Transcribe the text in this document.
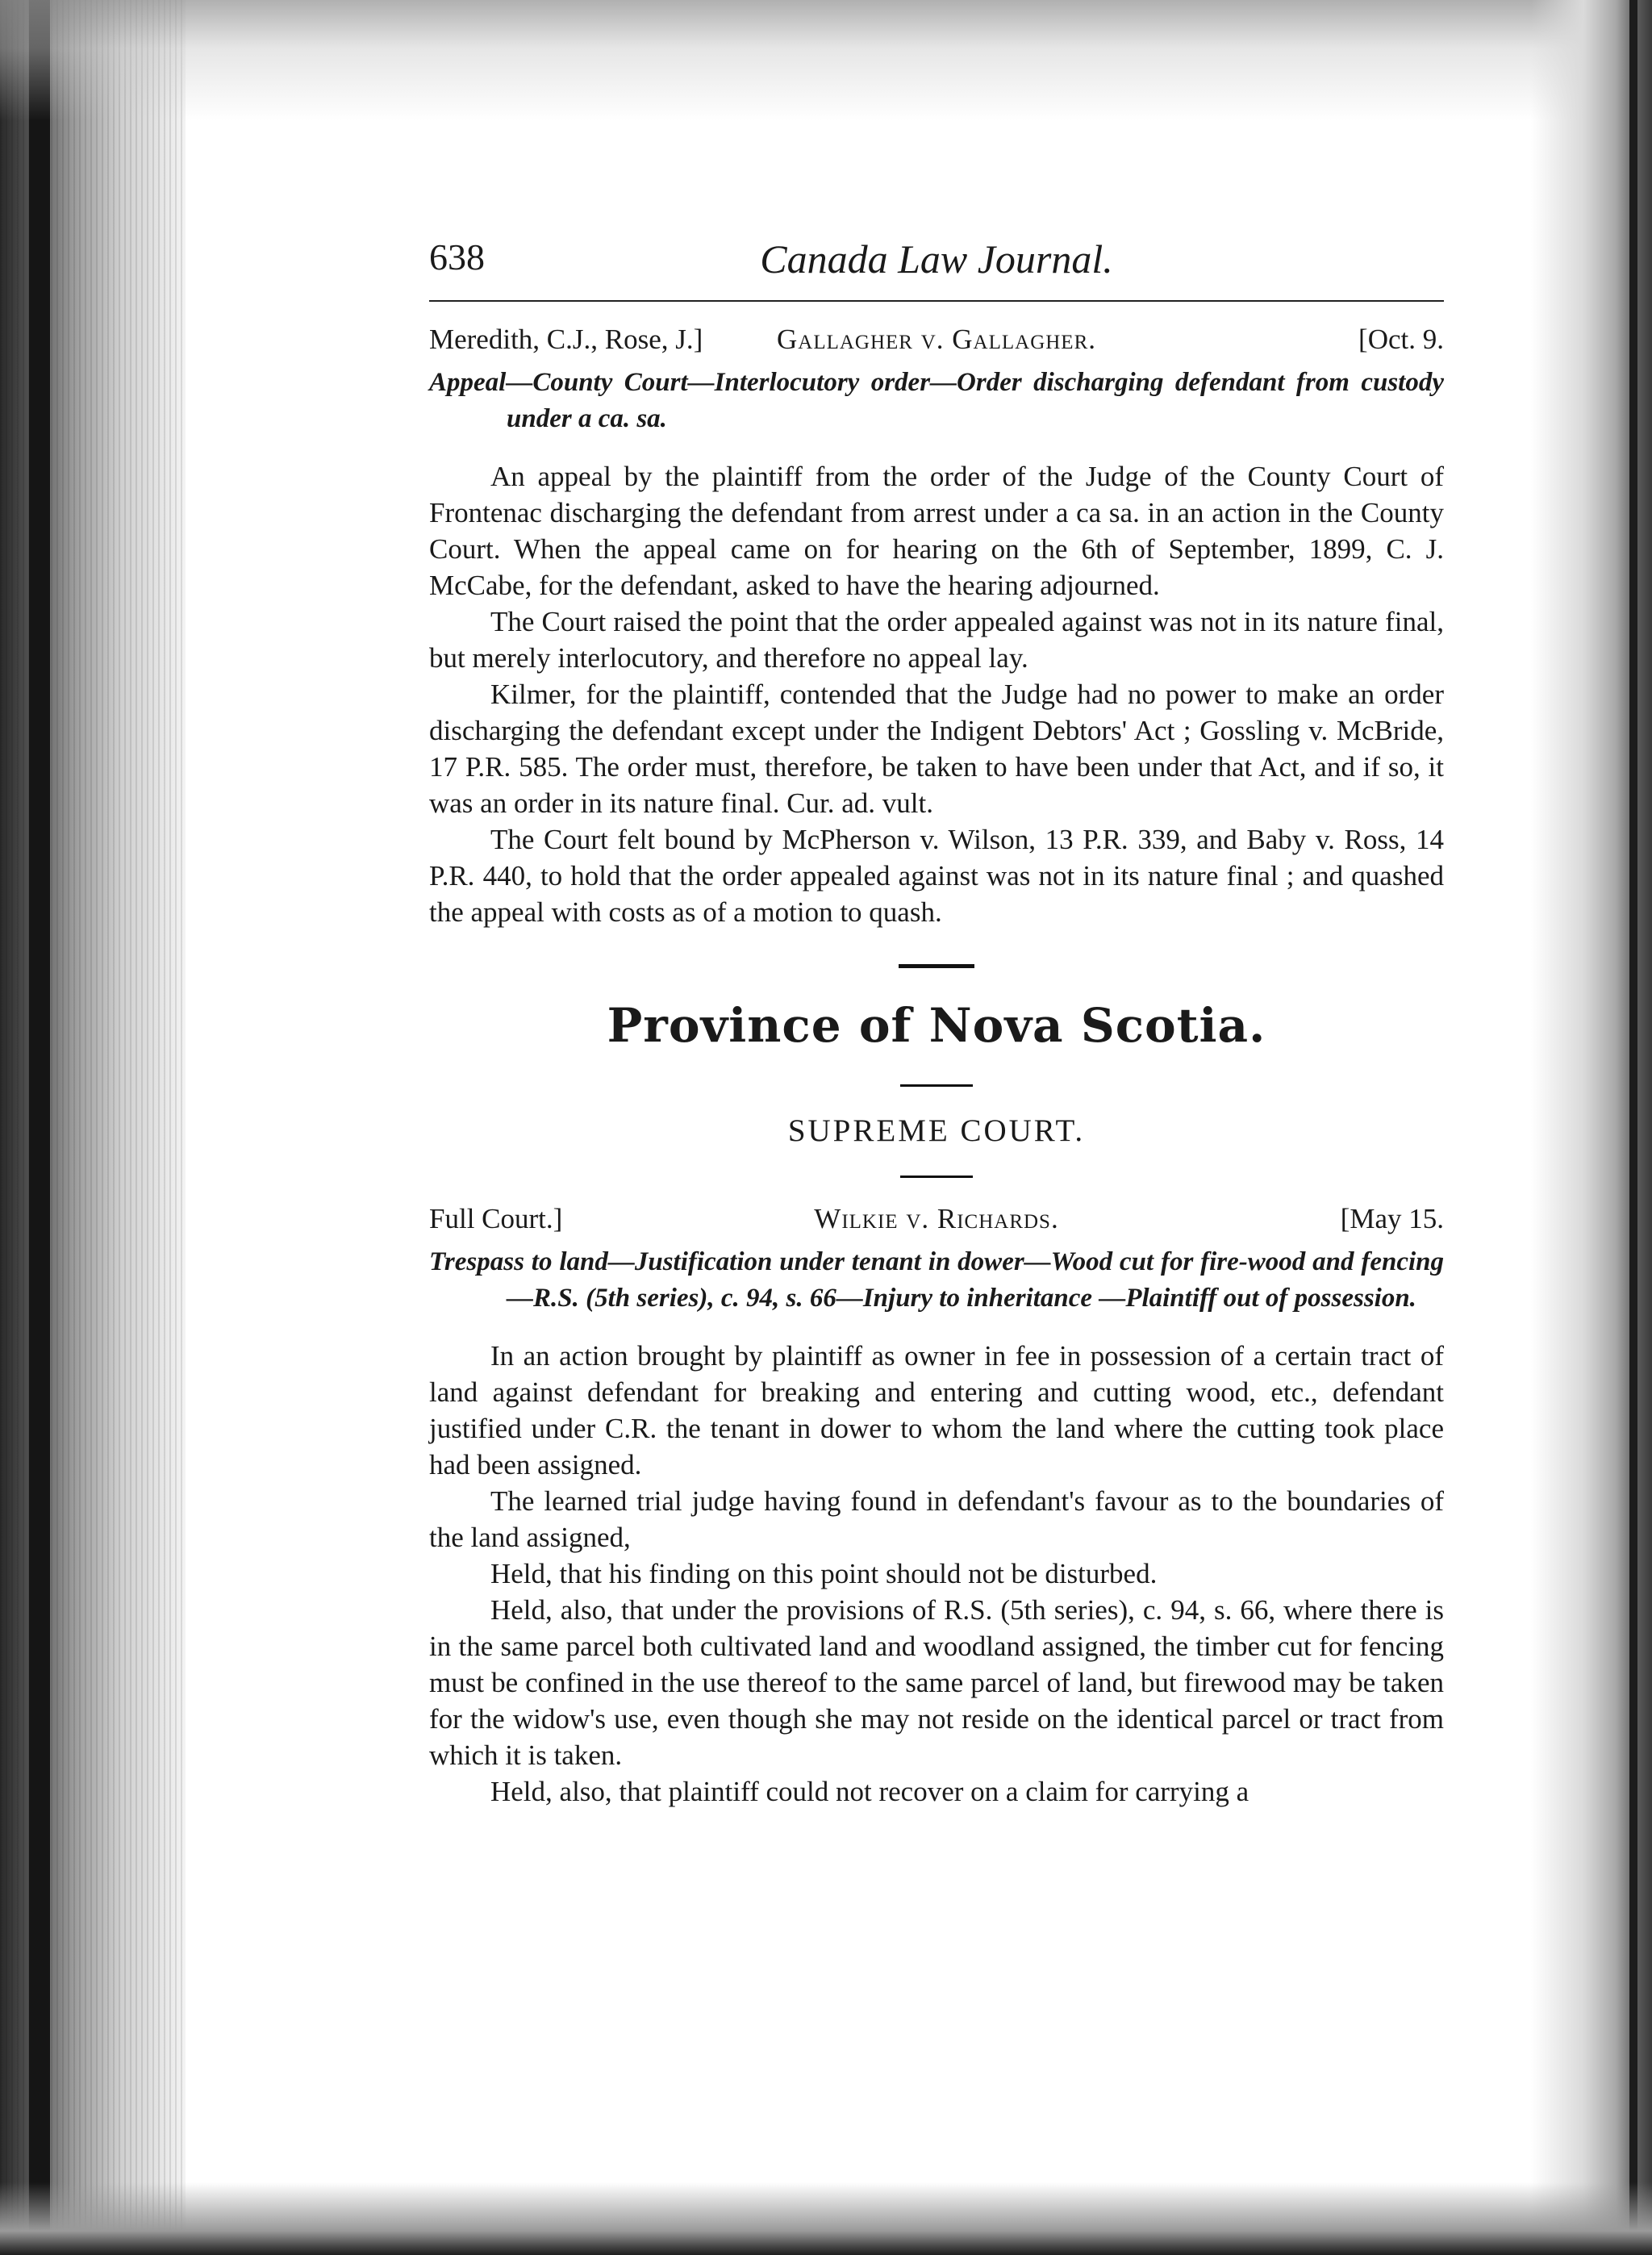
638	Canada Law Journal.
Meredith, C.J., Rose, J.]	Gallagher v. Gallagher.	[Oct. 9.
Appeal—County Court—Interlocutory order—Order discharging defendant from custody under a ca. sa.

An appeal by the plaintiff from the order of the Judge of the County Court of Frontenac discharging the defendant from arrest under a ca sa. in an action in the County Court. When the appeal came on for hearing on the 6th of September, 1899, C. J. McCabe, for the defendant, asked to have the hearing adjourned.

The Court raised the point that the order appealed against was not in its nature final, but merely interlocutory, and therefore no appeal lay.

Kilmer, for the plaintiff, contended that the Judge had no power to make an order discharging the defendant except under the Indigent Debtors' Act ; Gossling v. McBride, 17 P.R. 585. The order must, therefore, be taken to have been under that Act, and if so, it was an order in its nature final. Cur. ad. vult.

The Court felt bound by McPherson v. Wilson, 13 P.R. 339, and Baby v. Ross, 14 P.R. 440, to hold that the order appealed against was not in its nature final ; and quashed the appeal with costs as of a motion to quash.

Province of Nova Scotia.
SUPREME COURT.
Full Court.]	Wilkie v. Richards.	[May 15.
Trespass to land—Justification under tenant in dower—Wood cut for fire-wood and fencing—R.S. (5th series), c. 94, s. 66—Injury to inheritance —Plaintiff out of possession.

In an action brought by plaintiff as owner in fee in possession of a certain tract of land against defendant for breaking and entering and cutting wood, etc., defendant justified under C.R. the tenant in dower to whom the land where the cutting took place had been assigned.

The learned trial judge having found in defendant's favour as to the boundaries of the land assigned,

Held, that his finding on this point should not be disturbed.

Held, also, that under the provisions of R.S. (5th series), c. 94, s. 66, where there is in the same parcel both cultivated land and woodland assigned, the timber cut for fencing must be confined in the use thereof to the same parcel of land, but firewood may be taken for the widow's use, even though she may not reside on the identical parcel or tract from which it is taken.

Held, also, that plaintiff could not recover on a claim for carrying a
